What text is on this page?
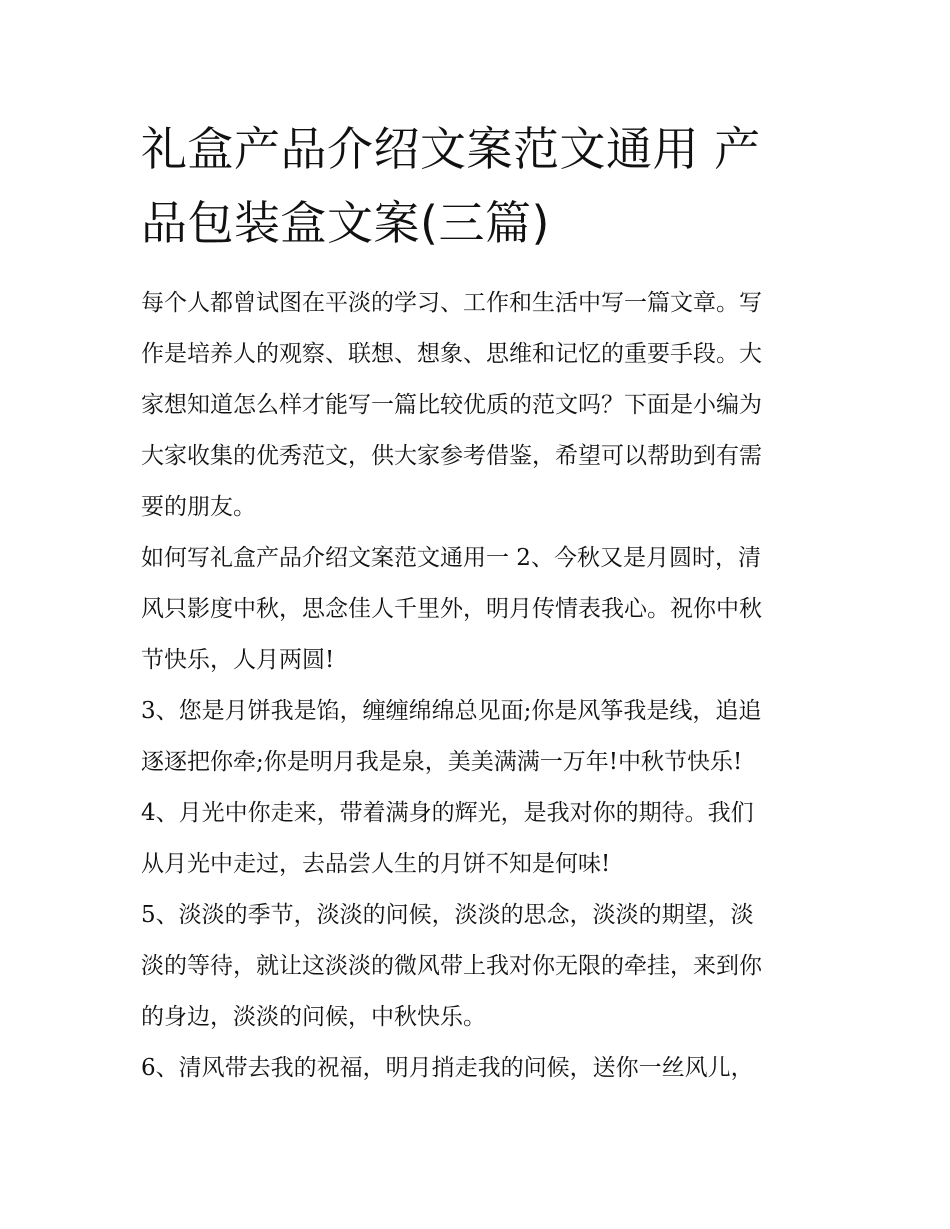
礼盒产品介绍文案范文通用 产
品包装盒文案(三篇)

每个人都曾试图在平淡的学习、工作和生活中写一篇文章。写
作是培养人的观察、联想、想象、思维和记忆的重要手段。大
家想知道怎么样才能写一篇比较优质的范文吗？下面是小编为
大家收集的优秀范文，供大家参考借鉴，希望可以帮助到有需
要的朋友。

如何写礼盒产品介绍文案范文通用一 2、今秋又是月圆时，清
风只影度中秋，思念佳人千里外，明月传情表我心。祝你中秋
节快乐，人月两圆!

3、您是月饼我是馅，缠缠绵绵总见面;你是风筝我是线，追追
逐逐把你牵;你是明月我是泉，美美满满一万年!中秋节快乐!

4、月光中你走来，带着满身的辉光，是我对你的期待。我们
从月光中走过，去品尝人生的月饼不知是何味!

5、淡淡的季节，淡淡的问候，淡淡的思念，淡淡的期望，淡
淡的等待，就让这淡淡的微风带上我对你无限的牵挂，来到你
的身边，淡淡的问候，中秋快乐。

6、清风带去我的祝福，明月捎走我的问候，送你一丝风儿，
